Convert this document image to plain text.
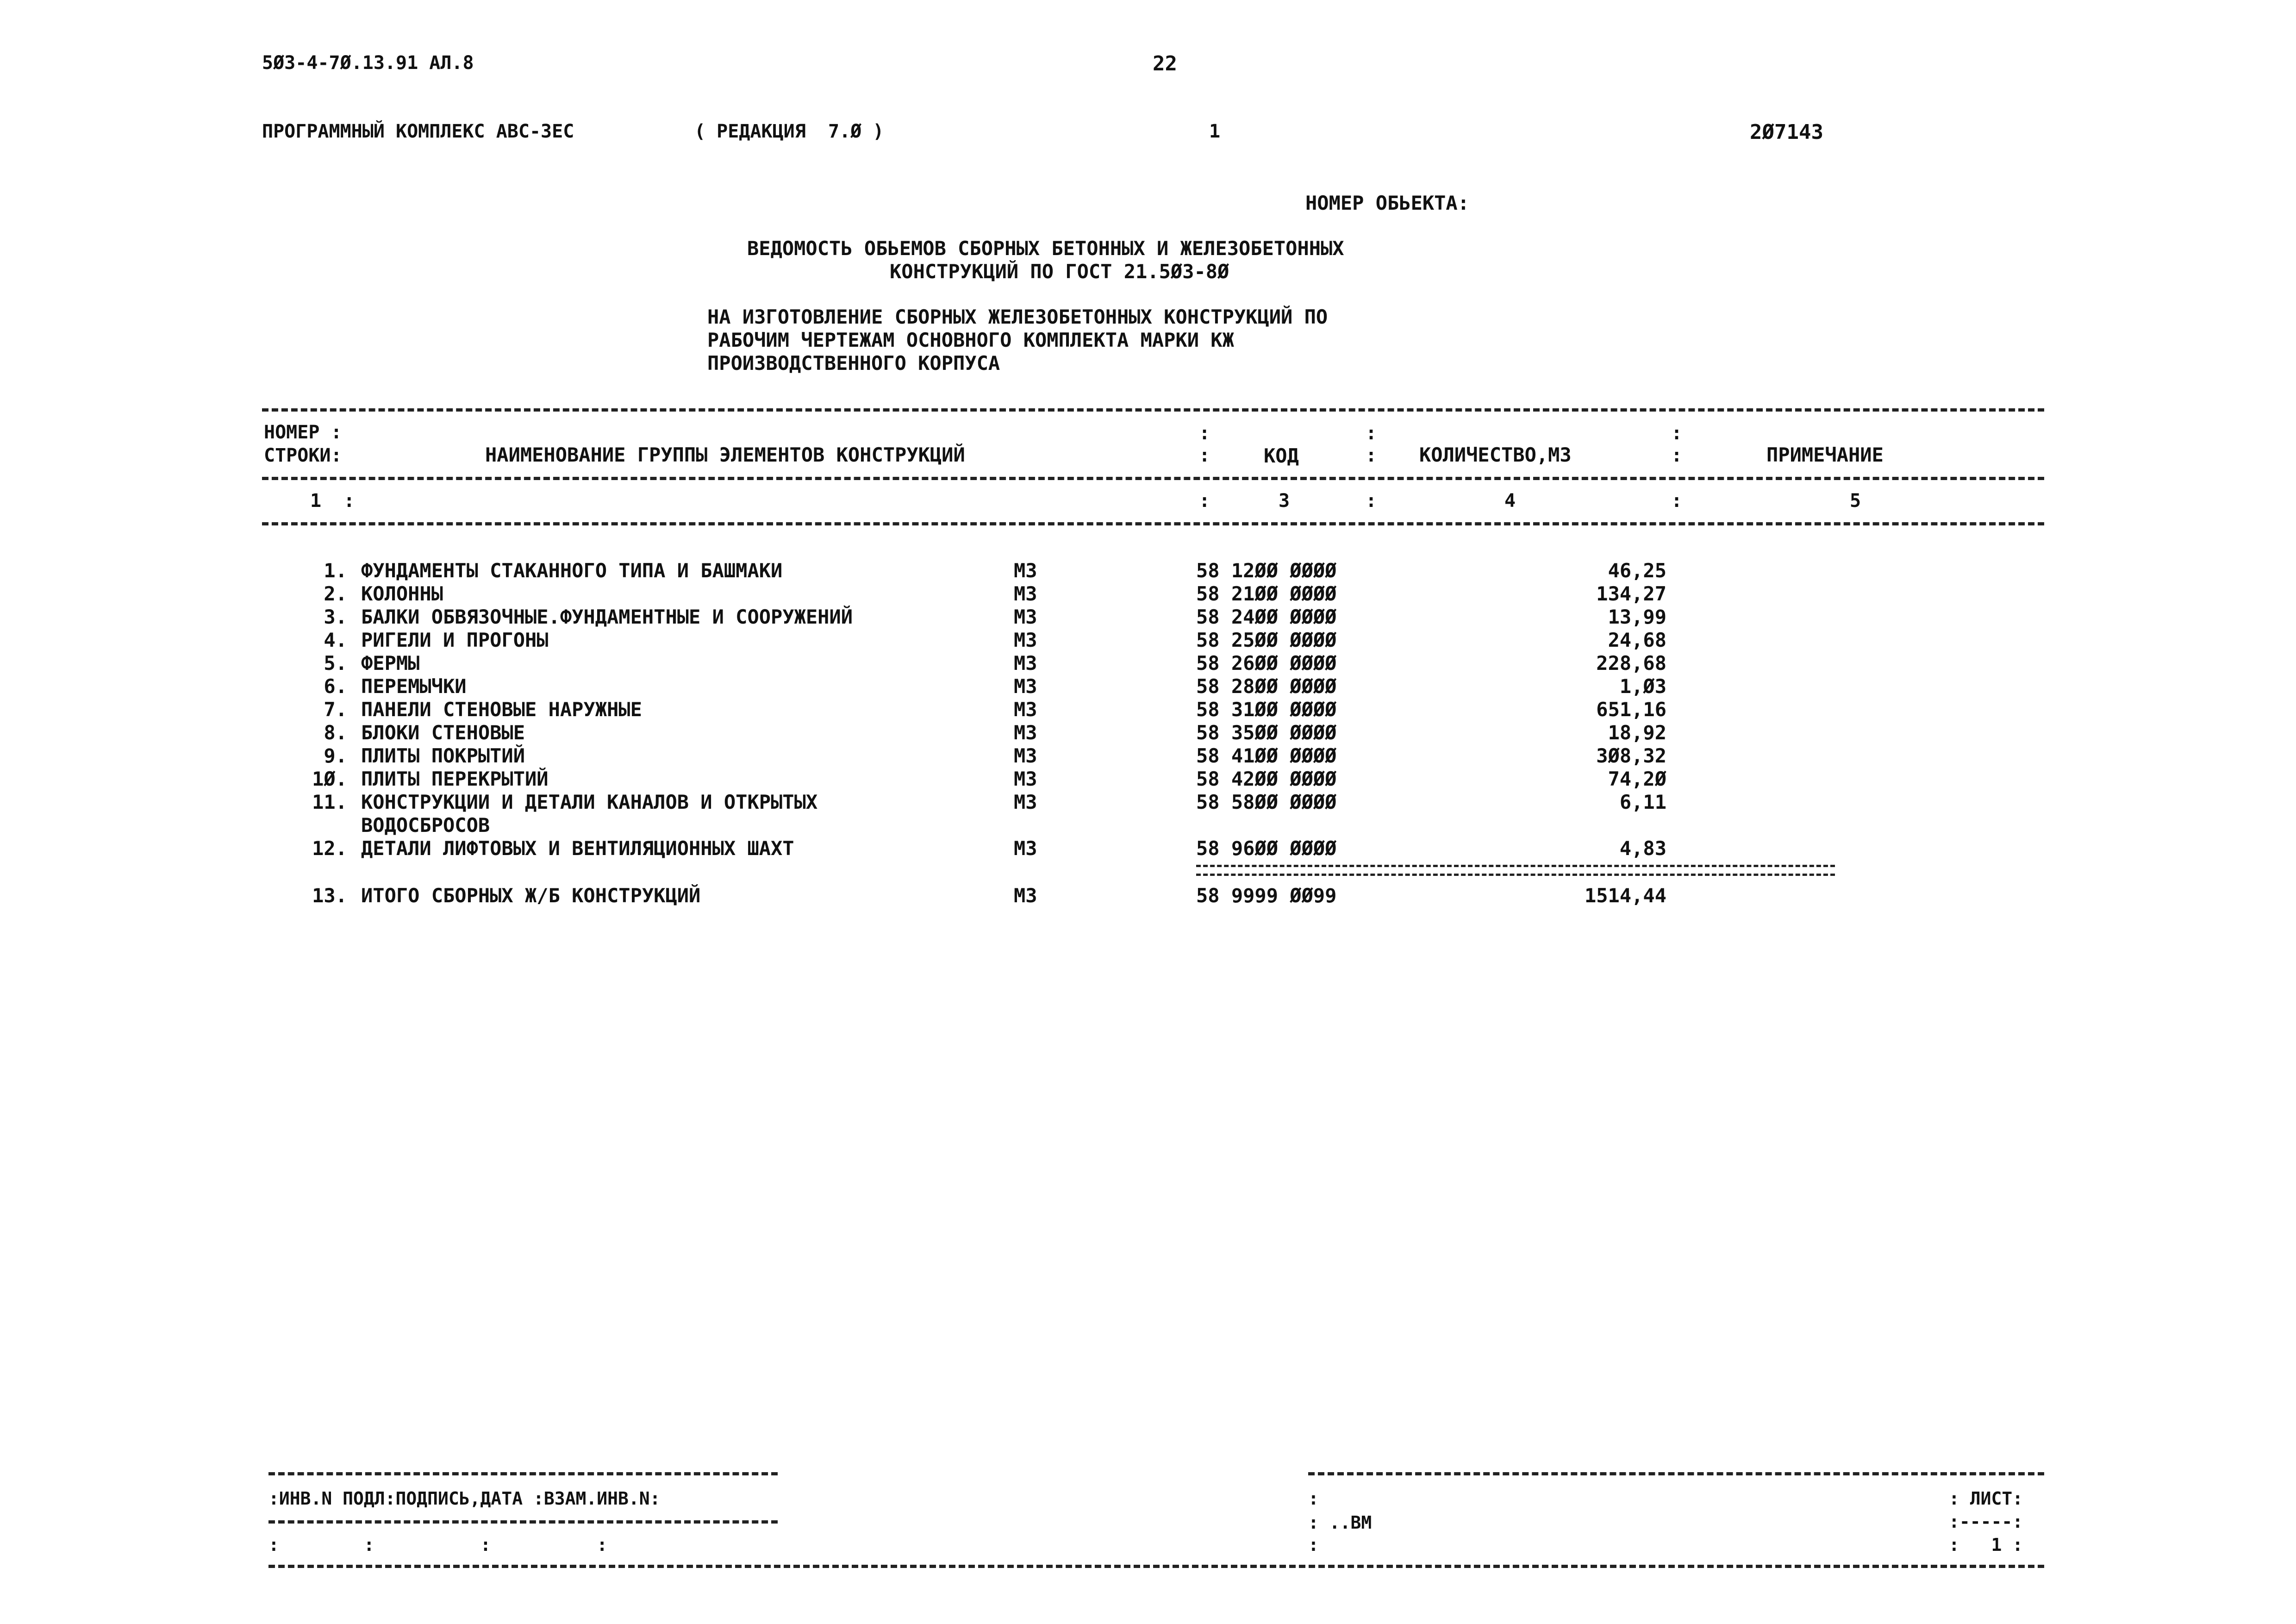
5Ø3-4-7Ø.13.91 АЛ.8	22
ПРОГРАММНЫЙ КОМПЛЕКС АВС-3ЕС	( РЕДАКЦИЯ  7.Ø )	1	2Ø7143
НОМЕР ОБЬЕКТА:
ВЕДОМОСТЬ ОБЬЕМОВ СБОРНЫХ БЕТОННЫХ И ЖЕЛЕЗОБЕТОННЫХ
КОНСТРУКЦИЙ ПО ГОСТ 21.5Ø3-8Ø
НА ИЗГОТОВЛЕНИЕ СБОРНЫХ ЖЕЛЕЗОБЕТОННЫХ КОНСТРУКЦИЙ ПО
РАБОЧИМ ЧЕРТЕЖАМ ОСНОВНОГО КОМПЛЕКТА МАРКИ КЖ
ПРОИЗВОДСТВЕННОГО КОРПУСА
НОМЕР :
СТРОКИ:	НАИМЕНОВАНИЕ ГРУППЫ ЭЛЕМЕНТОВ КОНСТРУКЦИЙ
:
:	КОД
:
: КОЛИЧЕСТВО,М3
:
:	ПРИМЕЧАНИЕ
1  :	:	3	:	4	:	5
1. ФУНДАМЕНТЫ СТАКАННОГО ТИПА И БАШМАКИ	М3	58 12ØØ ØØØØ	46,25
2. КОЛОННЫ	М3	58 21ØØ ØØØØ	134,27
3. БАЛКИ ОБВЯЗОЧНЫЕ.ФУНДАМЕНТНЫЕ И СООРУЖЕНИЙ	М3	58 24ØØ ØØØØ	13,99
4. РИГЕЛИ И ПРОГОНЫ	М3	58 25ØØ ØØØØ	24,68
5. ФЕРМЫ	М3	58 26ØØ ØØØØ	228,68
6. ПЕРЕМЫЧКИ	М3	58 28ØØ ØØØØ	1,Ø3
7. ПАНЕЛИ СТЕНОВЫЕ НАРУЖНЫЕ	М3	58 31ØØ ØØØØ	651,16
8. БЛОКИ СТЕНОВЫЕ	М3	58 35ØØ ØØØØ	18,92
9. ПЛИТЫ ПОКРЫТИЙ	М3	58 41ØØ ØØØØ	3Ø8,32
1Ø. ПЛИТЫ ПЕРЕКРЫТИЙ	М3	58 42ØØ ØØØØ	74,2Ø
11. КОНСТРУКЦИИ И ДЕТАЛИ КАНАЛОВ И ОТКРЫТЫХ
ВОДОСБРОСОВ
М3	58 58ØØ ØØØØ	6,11
12. ДЕТАЛИ ЛИФТОВЫХ И ВЕНТИЛЯЦИОННЫХ ШАХТ	М3	58 96ØØ ØØØØ	4,83
13. ИТОГО СБОРНЫХ Ж/Б КОНСТРУКЦИЙ	М3	58 9999 ØØ99	1514,44
:ИНВ.N ПОДЛ:ПОДПИСЬ,ДАТА :ВЗАМ.ИНВ.N:
:        :          :          :
:
: ..ВМ
:
: ЛИСТ:
:-----:
:   1 :
